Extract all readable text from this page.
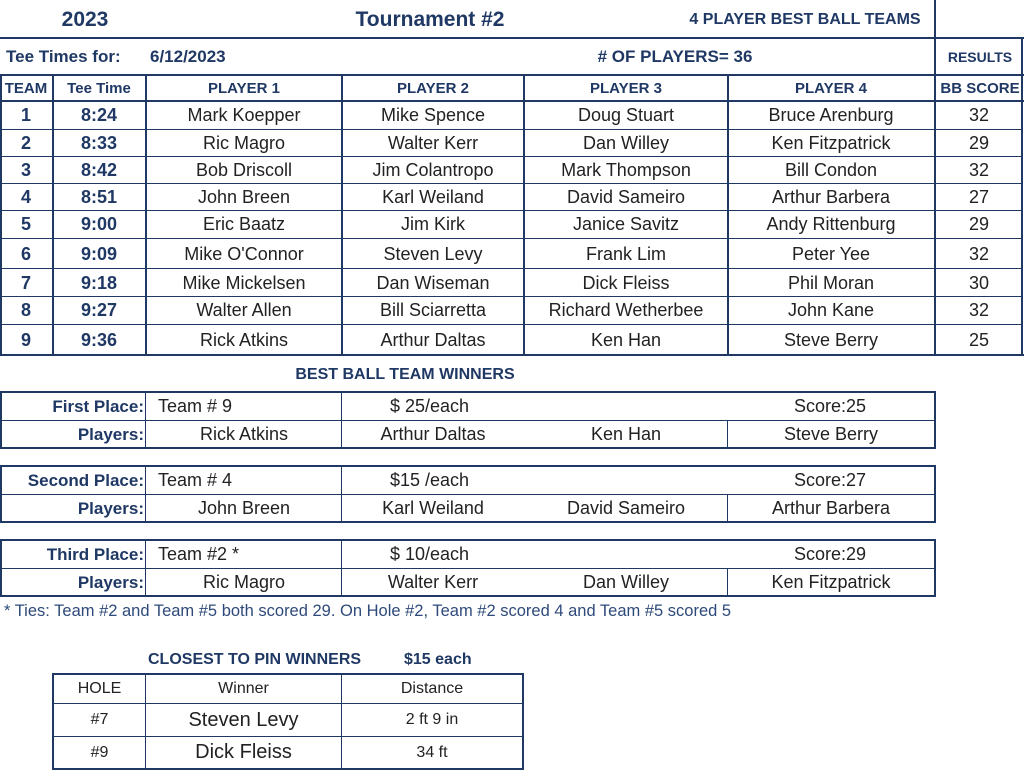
2023	Tournament #2	4 PLAYER BEST BALL TEAMS
Tee Times for:	6/12/2023	# OF PLAYERS= 36	RESULTS
TEAM	Tee Time	PLAYER 1	PLAYER 2	PLAYER 3	PLAYER 4	BB SCORE
1	8:24	Mark Koepper	Mike Spence	Doug Stuart	Bruce Arenburg	32
2	8:33	Ric Magro	Walter Kerr	Dan Willey	Ken Fitzpatrick	29
3	8:42	Bob Driscoll	Jim Colantropo	Mark Thompson	Bill Condon	32
4	8:51	John Breen	Karl Weiland	David Sameiro	Arthur Barbera	27
5	9:00	Eric Baatz	Jim Kirk	Janice Savitz	Andy Rittenburg	29
6	9:09	Mike O'Connor	Steven Levy	Frank Lim	Peter Yee	32
7	9:18	Mike Mickelsen	Dan Wiseman	Dick Fleiss	Phil Moran	30
8	9:27	Walter Allen	Bill Sciarretta	Richard Wetherbee	John Kane	32
9	9:36	Rick Atkins	Arthur Daltas	Ken Han	Steve Berry	25
BEST BALL TEAM WINNERS
First Place: Team # 9	$ 25/each	Score:25
Players:	Rick Atkins	Arthur Daltas	Ken Han	Steve Berry
Second Place: Team # 4	$15 /each	Score:27
Players:	John Breen	Karl Weiland	David Sameiro	Arthur Barbera
Third Place: Team #2 *	$ 10/each	Score:29
Players:	Ric Magro	Walter Kerr	Dan Willey	Ken Fitzpatrick
* Ties: Team #2 and Team #5 both scored 29. On Hole #2, Team #2 scored 4 and Team #5 scored 5
CLOSEST TO PIN WINNERS	$15 each
HOLE	Winner	Distance
#7	Steven Levy	2 ft 9 in
#9	Dick Fleiss	34 ft
